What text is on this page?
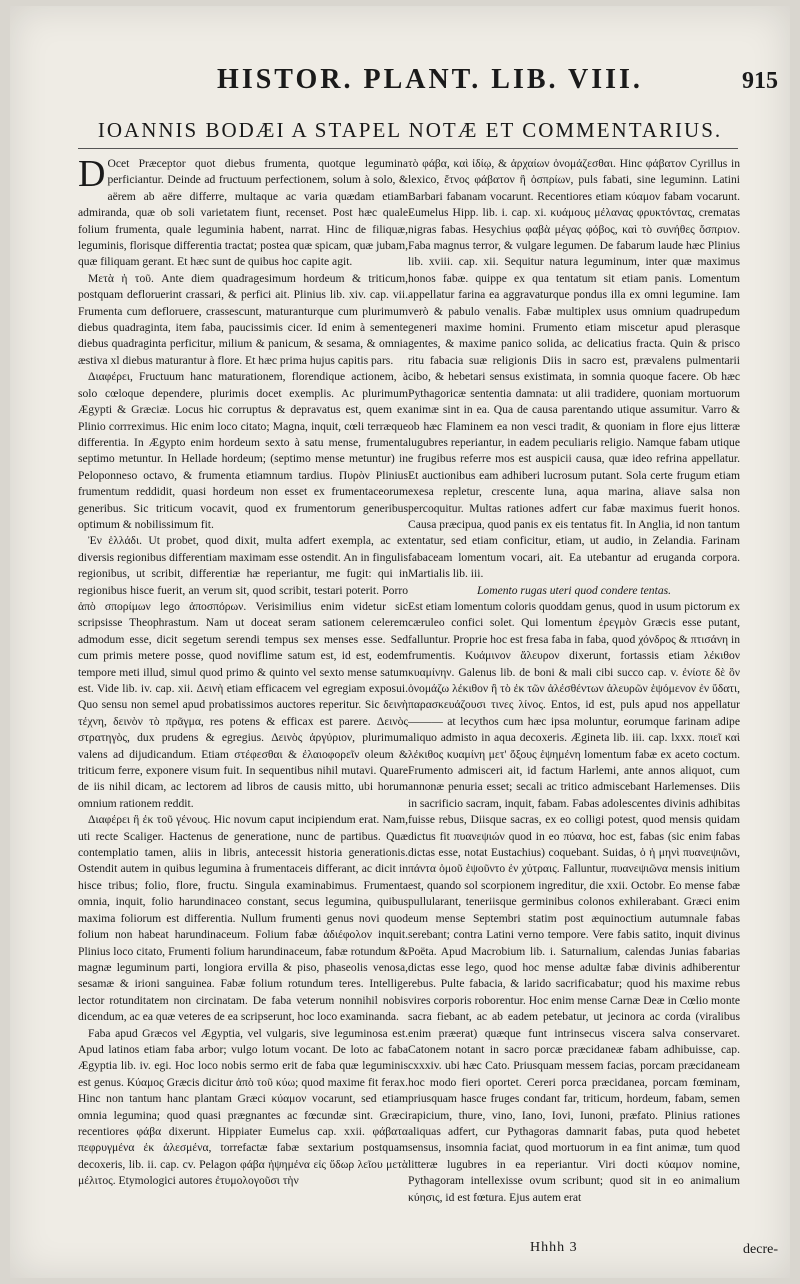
HISTOR. PLANT. LIB. VIII.	915
IOANNIS BODÆI A STAPEL NOTÆ ET COMMENTARIUS.

D Ocet Præceptor quot diebus frumenta, quotque legumina perficiantur. Deinde ad fructuum perfectionem, solum à solo, & aërem ab aëre differre, multaque ac varia quædam etiam admiranda, quæ ob soli varietatem fiunt, recenset. Post hæc quale folium frumenta, quale leguminia habent, narrat. Hinc de filiquæ, leguminis, florisque differentia tractat; postea quæ spicam, quæ jubam, quæ filiquam gerant. Et hæc sunt de quibus hoc capite agit.

Μετὰ ἡ τοῦ. Ante diem quadragesimum hordeum & triticum, postquam defloruerint crassari, & perfici ait. Plinius lib. xiv. cap. vii. Frumenta cum defloruere, crassescunt, maturanturque cum plurimum diebus quadraginta, item faba, paucissimis cicer. Id enim à semente diebus quadraginta perficitur, milium & panicum, & sesama, & omnia æstiva xl diebus maturantur à flore. Et hæc prima hujus capitis pars.

Διαφέρει, Fructuum hanc maturationem, florendique actionem, à solo cœloque dependere, plurimis docet exemplis. Ac plurimum Ægypti & Græciæ. Locus hic corruptus & depravatus est, quem ex Plinio corrreximus. Hic enim loco citato; Magna, inquit, cœli terræque differentia. In Ægypto enim hordeum sexto à satu mense, frumenta septimo metuntur. In Hellade hordeum; (septimo mense metuntur) in Peloponneso octavo, & frumenta etiamnum tardius. Πυρὸν Plinius frumentum reddidit, quasi hordeum non esset ex frumentaceorum generibus. Sic triticum vocavit, quod ex frumentorum generibus optimum & nobilissimum fit.

Ἐν ἑλλάδι. Ut probet, quod dixit, multa adfert exempla, ac ex diversis regionibus differentiam maximam esse ostendit. An in fingulis regionibus, ut scribit, differentiæ hæ reperiantur, me fugit: qui in regionibus hisce fuerit, an verum sit, quod scribit, testari poterit. Porro ἀπὸ σπορίμων lego ἀποσπόρων. Verisimilius enim videtur sic scripsisse Theophrastum. Nam ut doceat seram sationem celerem admodum esse, dicit segetum serendi tempus sex menses esse. Sed cum primis metere posse, quod noviflime satum est, id est, eodem tempore meti illud, simul quod primo & quinto vel sexto mense satum est. Vide lib. iv. cap. xii. Δεινὴ etiam efficacem vel egregiam exposui. Quo sensu non semel apud probatissimos auctores reperitur. Sic δεινὴ τέχνη, δεινὸν τὸ πρᾶγμα, res potens & efficax est parere. Δεινὸς στρατηγὸς, dux prudens & egregius. Δεινὸς ἀργύριον, plurimum valens ad dijudicandum. Etiam στέφεσθαι & ἐλαιοφορεῖν oleum & triticum ferre, exponere visum fuit. In sequentibus nihil mutavi. Quare de iis nihil dicam, ac lectorem ad libros de causis mitto, ubi horum omnium rationem reddit.

Διαφέρει ἢ ἐκ τοῦ γένους. Hic novum caput incipiendum erat. Nam, uti recte Scaliger. Hactenus de generatione, nunc de partibus. Quæ contemplatio tamen, aliis in libris, antecessit historia generationis. Ostendit autem in quibus legumina à frumentaceis differant, ac dicit in hisce tribus; folio, flore, fructu. Singula examinabimus. Frumenta omnia, inquit, folio harundinaceo constant, secus legumina, quibus maxima foliorum est differentia. Nullum frumenti genus novi quod folium non habeat harundinaceum. Folium fabæ ἀδιέφολον inquit. Plinius loco citato, Frumenti folium harundinaceum, fabæ rotundum & magnæ leguminum parti, longiora ervilla & piso, phaseolis venosa, sesamæ & irioni sanguinea. Fabæ folium rotundum teres. Intellige lector rotunditatem non circinatam. De faba veterum nonnihil nobis dicendum, ac ea quæ veteres de ea scripserunt, hoc loco examinanda.

Faba apud Græcos vel Ægyptia, vel vulgaris, sive leguminosa est. Apud latinos etiam faba arbor; vulgo lotum vocant. De loto ac faba Ægyptia lib. iv. egi. Hoc loco nobis sermo erit de faba quæ leguminis est genus. Κύαμος Græcis dicitur ἀπὸ τοῦ κύω; quod maxime fit ferax. Hinc non tantum hanc plantam Græci κύαμον vocarunt, sed etiam omnia legumina; quod quasi prægnantes ac fœcundæ sint. Græci recentiores φάβα dixerunt. Hippiater Eumelus cap. xxii. φάβατα πεφρυγμένα ἐκ ἀλεσμένα, torrefactæ fabæ sextarium postquam decoxeris, lib. ii. cap. cv. Pelagon φάβα ἡψημένα εἰς ὕδωρ λεῖου μετὰ μέλιτος. Etymologici autores ἐτυμολογοῦσι τὴν

τὸ φάβα, καὶ ἰδίῳ, & ἀρχαίων ὀνομάζεσθαι. Hinc φάβατον Cyrillus in lexico, ἔτνος φάβατον ἢ ὀσπρίων, puls fabati, sine leguminn. Latini Barbari fabanam vocarunt. Recentiores etiam κύαμον fabam vocarunt. Eumelus Hipp. lib. i. cap. xi. κυάμους μέλανας φρυκτόντας, crematas nigras fabas. Hesychius φαβὰ μέγας φόβος, καὶ τὸ συνήθες ὄσπριον. Faba magnus terror, & vulgare legumen. De fabarum laude hæc Plinius lib. xviii. cap. xii. Sequitur natura leguminum, inter quæ maximus honos fabæ. quippe ex qua tentatum sit etiam panis. Lomentum appellatur farina ea aggravaturque pondus illa ex omni legumine. Iam verò & pabulo venalis. Fabæ multiplex usus omnium quadrupedum generi maxime homini. Frumento etiam miscetur apud plerasque gentes, & maxime panico solida, ac delicatius fracta. Quin & prisco ritu fabacia suæ religionis Diis in sacro est, prævalens pulmentarii cibo, & hebetari sensus existimata, in somnia quoque facere. Ob hæc Pythagoricæ sententia damnata: ut alii tradidere, quoniam mortuorum animæ sint in ea. Qua de causa parentando utique assumitur. Varro & ob hæc Flaminem ea non vesci tradit, & quoniam in flore ejus litteræ lugubres reperiantur, in eadem peculiaris religio. Namque fabam utique e frugibus referre mos est auspicii causa, quæ ideo refrina appellatur. Et auctionibus eam adhiberi lucrosum putant. Sola certe frugum etiam exesa repletur, crescente luna, aqua marina, aliave salsa non percoquitur. Multas rationes adfert cur fabæ maximus fuerit honos. Causa præcipua, quod panis ex eis tentatus fit. In Anglia, id non tantum tentatur, sed etiam conficitur, etiam, ut audio, in Zelandia. Farinam fabaceam lomentum vocari, ait. Ea utebantur ad eruganda corpora. Martialis lib. iii.

Lomento rugas uteri quod condere tentas.

Est etiam lomentum coloris quoddam genus, quod in usum pictorum ex cæruleo confici solet. Qui lomentum ἐρεγμὸν Græcis esse putant, falluntur. Proprie hoc est fresa faba in faba, quod χόνδρος & πτισάνη in frumentis. Κυάμινον ἄλευρον dixerunt, fortassis etiam λέκιθον κυαμίνην. Galenus lib. de boni & mali cibi succo cap. v. ἐνίοτε δὲ ὃν ὀνομάζω λέκιθον ἢ τὸ ἐκ τῶν ἀλέσθέντων ἀλευρῶν ἑψόμενον ἐν ὕδατι, παρασκευάζουσι τινες λίνος. Entos, id est, puls apud nos appellatur ——— at lecythos cum hæc ipsa moluntur, eorumque farinam adipe aliquo admisto in aqua decoxeris. Ægineta lib. iii. cap. lxxx. ποιεῖ καὶ λέκιθος κυαμίνη μετ' ὄξους ἑψημένη lomentum fabæ ex aceto coctum. Frumento admisceri ait, id factum Harlemi, ante annos aliquot, cum annonæ penuria esset; secali ac tritico admiscebant Harlemenses. Diis in sacrificio sacram, inquit, fabam. Fabas adolescentes divinis adhibitas fuisse rebus, Diisque sacras, ex eo colligi potest, quod mensis quidam dictus fit πυανεψιών quod in eo πύανα, hoc est, fabas (sic enim fabas dictas esse, notat Eustachius) coquebant. Suidas, ὁ ἡ μηνὶ πυανεψιῶνι, πάντα ὁμοῦ ἑψοῦντο ἐν χύτραις. Falluntur, πυανεψιῶνα mensis initium est, quando sol scorpionem ingreditur, die xxii. Octobr. Eo mense fabæ pullularant, teneriisque germinibus colonos exhilerabant. Græci enim eum mense Septembri statim post æquinoctium autumnale fabas serebant; contra Latini verno tempore. Vere fabis satito, inquit divinus Poëta. Apud Macrobium lib. i. Saturnalium, calendas Junias fabarias dictas esse lego, quod hoc mense adultæ fabæ divinis adhiberentur rebus. Pulte fabacia, & larido sacrificabatur; quod his maxime rebus vires corporis roborentur. Hoc enim mense Carnæ Deæ in Cœlio monte sacra fiebant, ac ab eadem petebatur, ut jecinora ac corda (viralibus enim præerat) quæque funt intrinsecus viscera salva conservaret. Catonem notant in sacro porcæ præcidaneæ fabam adhibuisse, cap. cxxxiv. ubi hæc Cato. Priusquam messem facias, porcam præcidaneam hoc modo fieri oportet. Cereri porca præcidanea, porcam fœminam, priusquam hasce fruges condant far, triticum, hordeum, fabam, semen rapicium, thure, vino, Iano, Iovi, Iunoni, præfato. Plinius rationes aliquas adfert, cur Pythagoras damnarit fabas, puta quod hebetet sensus, insomnia faciat, quod mortuorum in ea fint animæ, tum quod litteræ lugubres in ea reperiantur. Viri docti κύαμον nomine, Pythagoram intellexisse ovum scribunt; quod sit in eo animalium κύησις, id est fœtura. Ejus autem erat

Hhhh 3	decre-
